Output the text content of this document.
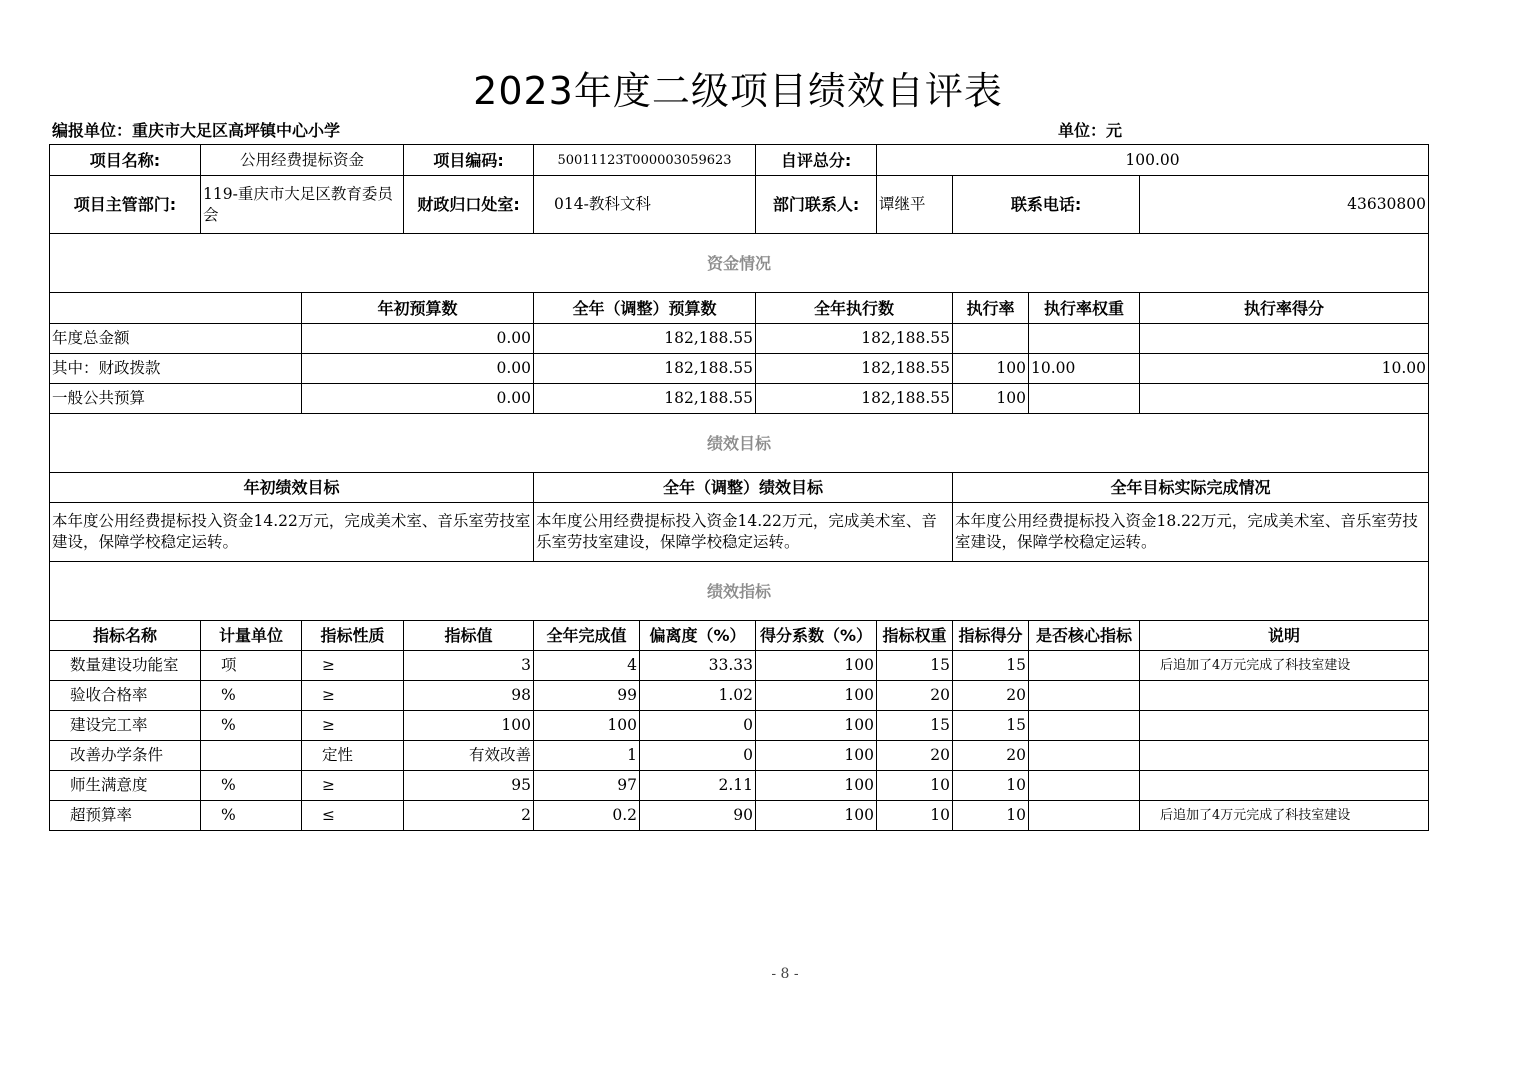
2023年度二级项目绩效自评表
编报单位：重庆市大足区高坪镇中心小学	单位：元
项目名称:	公用经费提标资金		项目编码:	50011123T000003059623		自评总分:	100.00			
项目主管部门:	119-重庆市大足区教育委员会		财政归口处室:	014-教科文科		部门联系人:	谭继平	联系电话:		43630800
资金情况										
		年初预算数		全年（调整）预算数		全年执行数		执行率	执行率权重	执行率得分
年度总金额		0.00		182,188.55		182,188.55				
其中：财政拨款		0.00		182,188.55		182,188.55		100	10.00	10.00
一般公共预算		0.00		182,188.55		182,188.55		100		
绩效目标										
年初绩效目标				全年（调整）绩效目标				全年目标实际完成情况		
本年度公用经费提标投入资金14.22万元，完成美术室、音乐室劳技室建设，保障学校稳定运转。				本年度公用经费提标投入资金14.22万元，完成美术室、音乐室劳技室建设，保障学校稳定运转。				本年度公用经费提标投入资金18.22万元，完成美术室、音乐室劳技室建设，保障学校稳定运转。		
绩效指标										
指标名称	计量单位	指标性质	指标值	全年完成值	偏离度（%）	得分系数（%）	指标权重	指标得分	是否核心指标	说明
数量建设功能室	项	≥	3	4	33.33	100	15	15		后追加了4万元完成了科技室建设
验收合格率	%	≥	98	99	1.02	100	20	20		
建设完工率	%	≥	100	100	0	100	15	15		
改善办学条件		定性	有效改善	1	0	100	20	20		
师生满意度	%	≥	95	97	2.11	100	10	10		
超预算率	%	≤	2	0.2	90	100	10	10		后追加了4万元完成了科技室建设
- 8 -
